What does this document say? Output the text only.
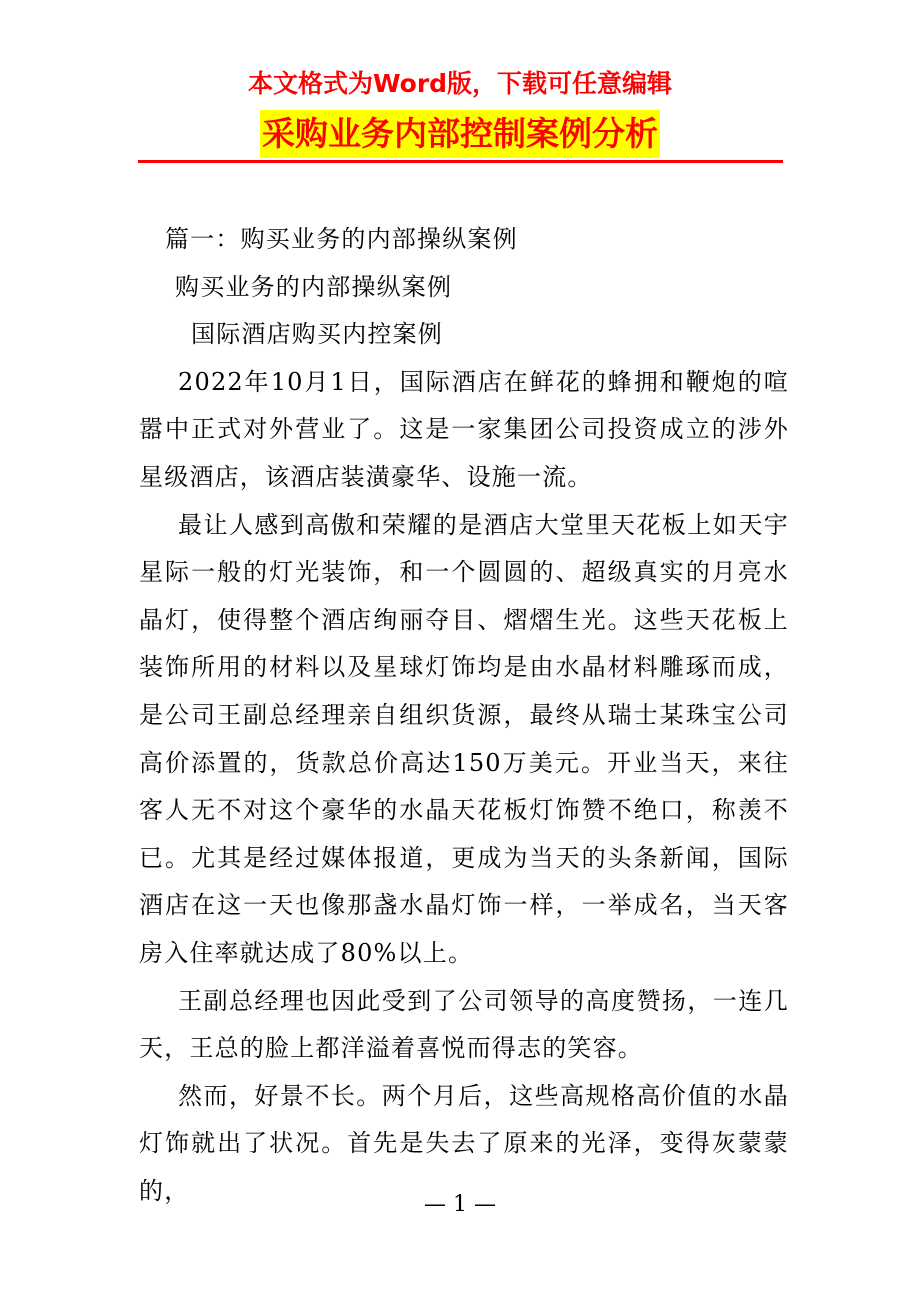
本文格式为Word版，下载可任意编辑
采购业务内部控制案例分析

篇一：购买业务的内部操纵案例

购买业务的内部操纵案例

国际酒店购买内控案例

2022年10月1日，国际酒店在鲜花的蜂拥和鞭炮的喧嚣中正式对外营业了。这是一家集团公司投资成立的涉外星级酒店，该酒店装潢豪华、设施一流。

最让人感到高傲和荣耀的是酒店大堂里天花板上如天宇星际一般的灯光装饰，和一个圆圆的、超级真实的月亮水晶灯，使得整个酒店绚丽夺目、熠熠生光。这些天花板上装饰所用的材料以及星球灯饰均是由水晶材料雕琢而成，是公司王副总经理亲自组织货源，最终从瑞士某珠宝公司高价添置的，货款总价高达150万美元。开业当天，来往客人无不对这个豪华的水晶天花板灯饰赞不绝口，称羡不已。尤其是经过媒体报道，更成为当天的头条新闻，国际酒店在这一天也像那盏水晶灯饰一样，一举成名，当天客房入住率就达成了80%以上。

王副总经理也因此受到了公司领导的高度赞扬，一连几天，王总的脸上都洋溢着喜悦而得志的笑容。

然而，好景不长。两个月后，这些高规格高价值的水晶灯饰就出了状况。首先是失去了原来的光泽，变得灰蒙蒙的，	— 1 —
